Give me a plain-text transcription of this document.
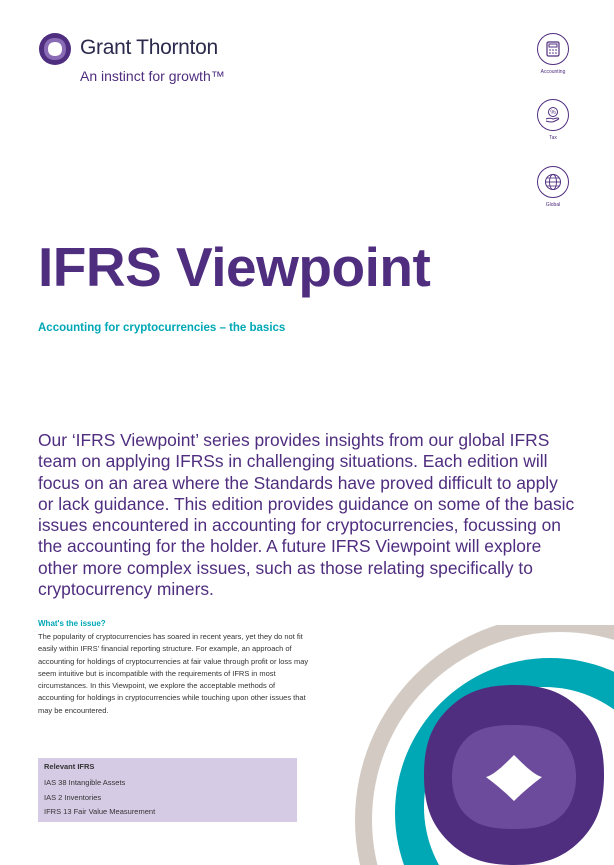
Grant Thornton
An instinct for growth™	Accounting
%
Tax
Global
IFRS Viewpoint
Accounting for cryptocurrencies – the basics

Our ‘IFRS Viewpoint’ series provides insights from our global IFRS team on applying IFRSs in challenging situations. Each edition will focus on an area where the Standards have proved difficult to apply or lack guidance. This edition provides guidance on some of the basic issues encountered in accounting for cryptocurrencies, focussing on the accounting for the holder. A future IFRS Viewpoint will explore other more complex issues, such as those relating specifically to cryptocurrency miners.

What's the issue?

The popularity of cryptocurrencies has soared in recent years, yet they do not fit easily within IFRS' financial reporting structure. For example, an approach of accounting for holdings of cryptocurrencies at fair value through profit or loss may seem intuitive but is incompatible with the requirements of IFRS in most circumstances. In this Viewpoint, we explore the acceptable methods of accounting for holdings in cryptocurrencies while touching upon other issues that may be encountered.

Relevant IFRS

IAS 38 Intangible Assets
IAS 2 Inventories
IFRS 13 Fair Value Measurement
